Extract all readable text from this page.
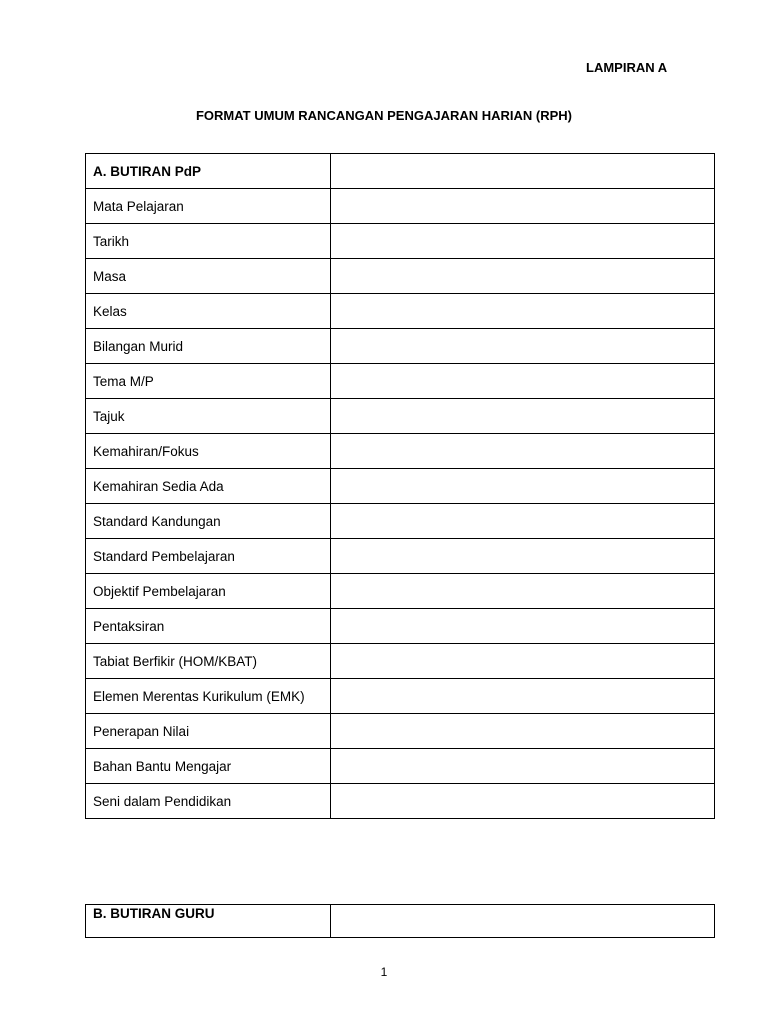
LAMPIRAN A
FORMAT UMUM RANCANGAN PENGAJARAN HARIAN (RPH)
A. BUTIRAN PdP	
Mata Pelajaran	
Tarikh	
Masa	
Kelas	
Bilangan Murid	
Tema M/P	
Tajuk	
Kemahiran/Fokus	
Kemahiran Sedia Ada	
Standard Kandungan	
Standard Pembelajaran	
Objektif Pembelajaran	
Pentaksiran	
Tabiat Berfikir (HOM/KBAT)	
Elemen Merentas Kurikulum (EMK)	
Penerapan Nilai	
Bahan Bantu Mengajar	
Seni dalam Pendidikan	
B. BUTIRAN GURU	
1
